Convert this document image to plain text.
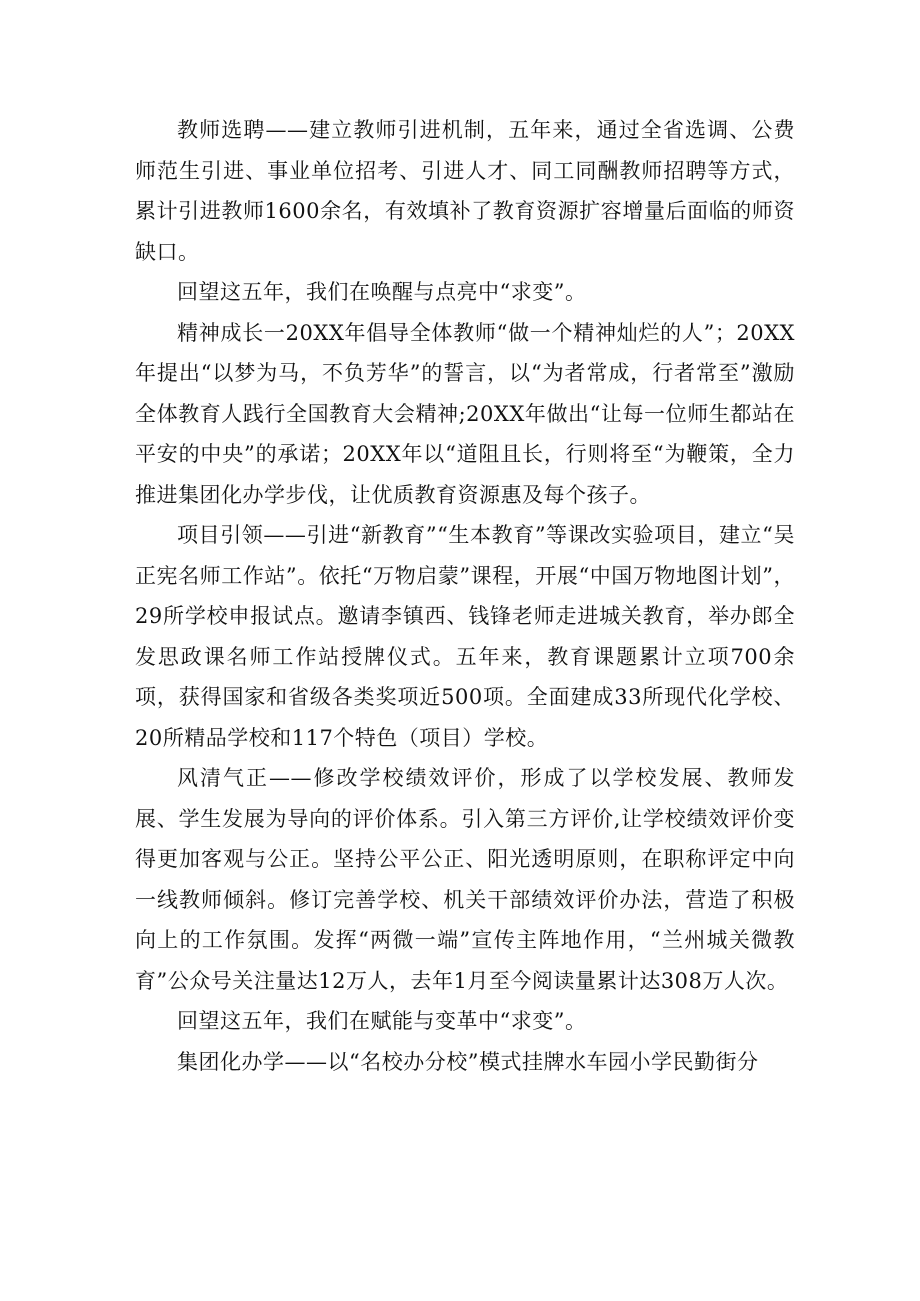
教师选聘——建立教师引进机制，五年来，通过全省选调、公费师范生引进、事业单位招考、引进人才、同工同酬教师招聘等方式，累计引进教师1600余名，有效填补了教育资源扩容增量后面临的师资缺口。

回望这五年，我们在唤醒与点亮中“求变”。

精神成长一20XX年倡导全体教师“做一个精神灿烂的人”；20XX年提出“以梦为马，不负芳华”的誓言，以“为者常成，行者常至”激励全体教育人践行全国教育大会精神;20XX年做出“让每一位师生都站在平安的中央”的承诺；20XX年以“道阻且长，行则将至“为鞭策，全力推进集团化办学步伐，让优质教育资源惠及每个孩子。

项目引领——引进“新教育”“生本教育”等课改实验项目，建立“吴正宪名师工作站”。依托“万物启蒙”课程，开展“中国万物地图计划”，29所学校申报试点。邀请李镇西、钱锋老师走进城关教育，举办郎全发思政课名师工作站授牌仪式。五年来，教育课题累计立项700余项，获得国家和省级各类奖项近500项。全面建成33所现代化学校、20所精品学校和117个特色（项目）学校。

风清气正——修改学校绩效评价，形成了以学校发展、教师发展、学生发展为导向的评价体系。引入第三方评价,让学校绩效评价变得更加客观与公正。坚持公平公正、阳光透明原则，在职称评定中向一线教师倾斜。修订完善学校、机关干部绩效评价办法，营造了积极向上的工作氛围。发挥“两微一端”宣传主阵地作用，“兰州城关微教育”公众号关注量达12万人，去年1月至今阅读量累计达308万人次。

回望这五年，我们在赋能与变革中“求变”。

集团化办学——以“名校办分校”模式挂牌水车园小学民勤街分
